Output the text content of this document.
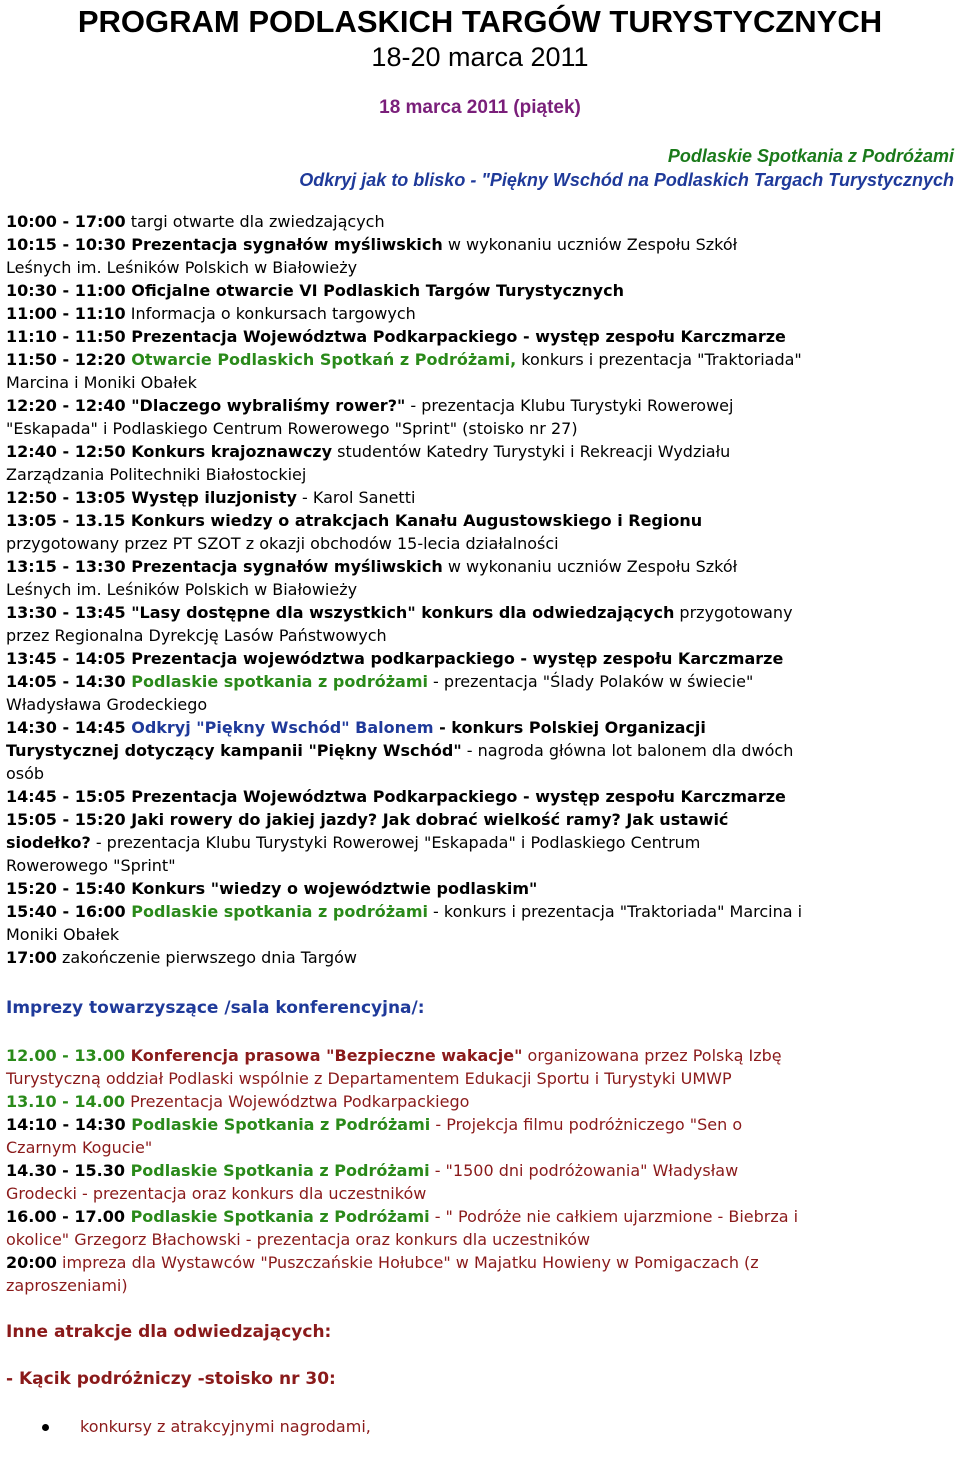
PROGRAM PODLASKICH TARGÓW TURYSTYCZNYCH

18-20 marca 2011

18 marca 2011 (piątek)

Podlaskie Spotkania z Podróżami

Odkryj jak to blisko - "Piękny Wschód na Podlaskich Targach Turystycznych

10:00 - 17:00 targi otwarte dla zwiedzających

10:15 - 10:30 Prezentacja sygnałów myśliwskich w wykonaniu uczniów Zespołu Szkół

Leśnych im. Leśników Polskich w Białowieży

10:30 - 11:00 Oficjalne otwarcie VI Podlaskich Targów Turystycznych

11:00 - 11:10 Informacja o konkursach targowych

11:10 - 11:50 Prezentacja Województwa Podkarpackiego - występ zespołu Karczmarze

11:50 - 12:20 Otwarcie Podlaskich Spotkań z Podróżami, konkurs i prezentacja "Traktoriada"

Marcina i Moniki Obałek

12:20 - 12:40 "Dlaczego wybraliśmy rower?" - prezentacja Klubu Turystyki Rowerowej

"Eskapada" i Podlaskiego Centrum Rowerowego "Sprint" (stoisko nr 27)

12:40 - 12:50 Konkurs krajoznawczy studentów Katedry Turystyki i Rekreacji Wydziału

Zarządzania Politechniki Białostockiej

12:50 - 13:05 Występ iluzjonisty - Karol Sanetti

13:05 - 13.15 Konkurs wiedzy o atrakcjach Kanału Augustowskiego i Regionu

przygotowany przez PT SZOT z okazji obchodów 15-lecia działalności

13:15 - 13:30 Prezentacja sygnałów myśliwskich w wykonaniu uczniów Zespołu Szkół

Leśnych im. Leśników Polskich w Białowieży

13:30 - 13:45 "Lasy dostępne dla wszystkich" konkurs dla odwiedzających przygotowany

przez Regionalna Dyrekcję Lasów Państwowych

13:45 - 14:05 Prezentacja województwa podkarpackiego - występ zespołu Karczmarze

14:05 - 14:30 Podlaskie spotkania z podróżami - prezentacja "Ślady Polaków w świecie"

Władysława Grodeckiego

14:30 - 14:45 Odkryj "Piękny Wschód" Balonem - konkurs Polskiej Organizacji

Turystycznej dotyczący kampanii "Piękny Wschód" - nagroda główna lot balonem dla dwóch

osób

14:45 - 15:05 Prezentacja Województwa Podkarpackiego - występ zespołu Karczmarze

15:05 - 15:20 Jaki rowery do jakiej jazdy? Jak dobrać wielkość ramy? Jak ustawić

siodełko? - prezentacja Klubu Turystyki Rowerowej "Eskapada" i Podlaskiego Centrum

Rowerowego "Sprint"

15:20 - 15:40 Konkurs "wiedzy o województwie podlaskim"

15:40 - 16:00 Podlaskie spotkania z podróżami - konkurs i prezentacja "Traktoriada" Marcina i

Moniki Obałek

17:00 zakończenie pierwszego dnia Targów

Imprezy towarzyszące /sala konferencyjna/:

12.00 - 13.00 Konferencja prasowa "Bezpieczne wakacje" organizowana przez Polską Izbę

Turystyczną oddział Podlaski wspólnie z Departamentem Edukacji Sportu i Turystyki UMWP

13.10 - 14.00 Prezentacja Województwa Podkarpackiego

14:10 - 14:30 Podlaskie Spotkania z Podróżami - Projekcja filmu podróżniczego "Sen o

Czarnym Kogucie"

14.30 - 15.30 Podlaskie Spotkania z Podróżami - "1500 dni podróżowania" Władysław

Grodecki - prezentacja oraz konkurs dla uczestników

16.00 - 17.00 Podlaskie Spotkania z Podróżami - " Podróże nie całkiem ujarzmione - Biebrza i

okolice" Grzegorz Błachowski - prezentacja oraz konkurs dla uczestników

20:00 impreza dla Wystawców "Puszczańskie Hołubce" w Majatku Howieny w Pomigaczach (z

zaproszeniami)

Inne atrakcje dla odwiedzających:
- Kącik podróżniczy -stoisko nr 30:
konkursy z atrakcyjnymi nagrodami,
